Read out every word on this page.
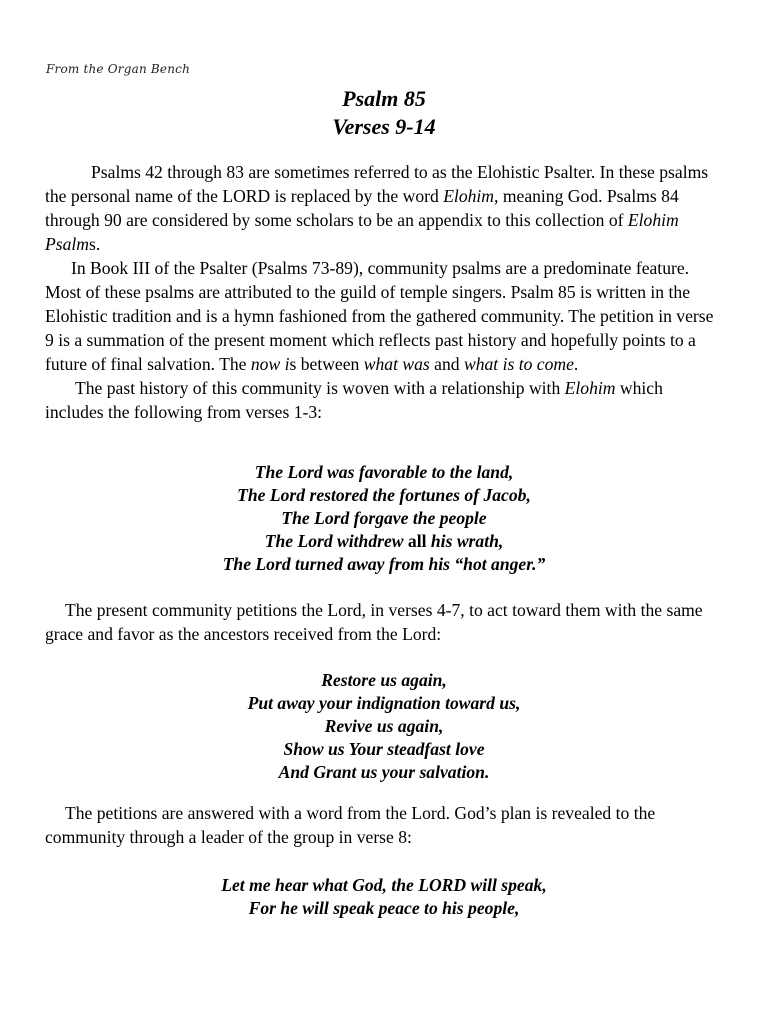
From the Organ Bench
Psalm 85
Verses 9-14

Psalms 42 through 83 are sometimes referred to as the Elohistic Psalter. In these psalms the personal name of the LORD is replaced by the word Elohim, meaning God. Psalms 84 through 90 are considered by some scholars to be an appendix to this collection of Elohim Psalms.

In Book III of the Psalter (Psalms 73-89), community psalms are a predominate feature. Most of these psalms are attributed to the guild of temple singers. Psalm 85 is written in the Elohistic tradition and is a hymn fashioned from the gathered community. The petition in verse 9 is a summation of the present moment which reflects past history and hopefully points to a future of final salvation. The now is between what was and what is to come.

The past history of this community is woven with a relationship with Elohim which includes the following from verses 1-3:

The Lord was favorable to the land,
The Lord restored the fortunes of Jacob,
The Lord forgave the people
The Lord withdrew all his wrath,
The Lord turned away from his “hot anger.”

The present community petitions the Lord, in verses 4-7, to act toward them with the same grace and favor as the ancestors received from the Lord:

Restore us again,
Put away your indignation toward us,
Revive us again,
Show us Your steadfast love
And Grant us your salvation.

The petitions are answered with a word from the Lord. God’s plan is revealed to the community through a leader of the group in verse 8:

Let me hear what God, the LORD will speak,
For he will speak peace to his people,
